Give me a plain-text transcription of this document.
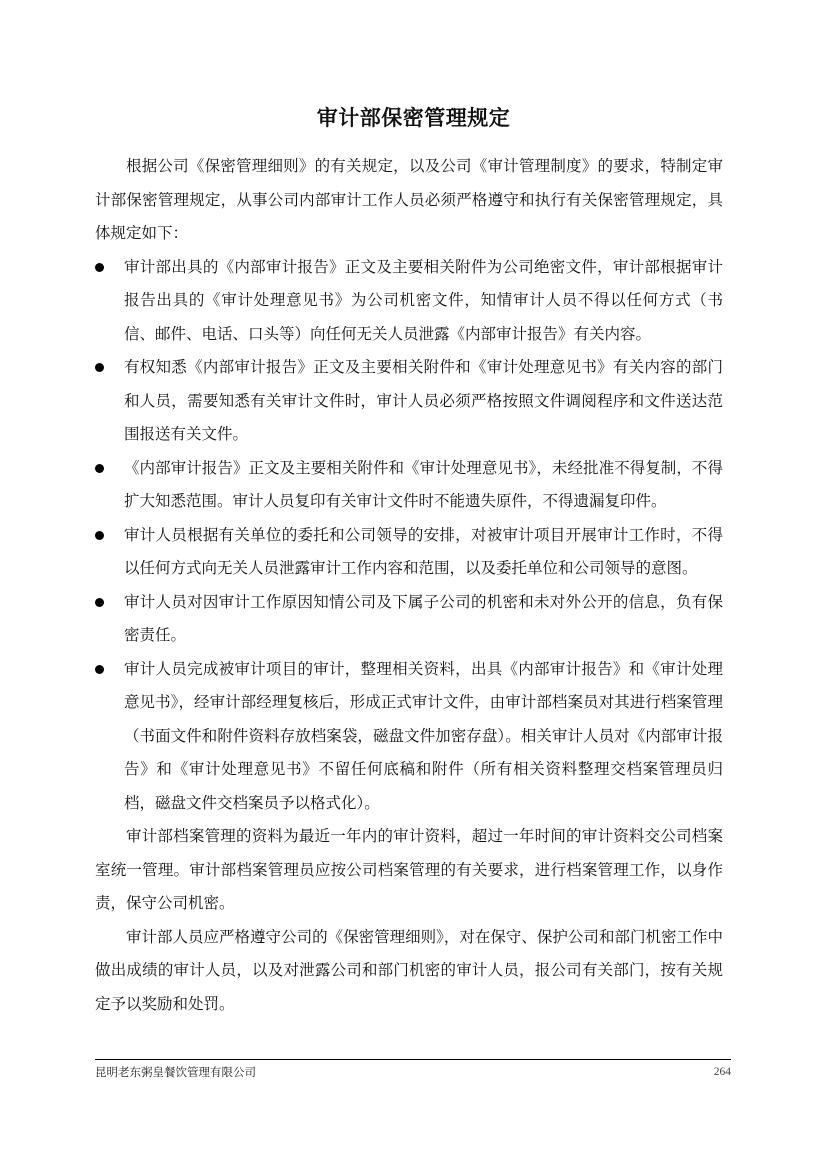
审计部保密管理规定

根据公司《保密管理细则》的有关规定，以及公司《审计管理制度》的要求，特制定审计部保密管理规定，从事公司内部审计工作人员必须严格遵守和执行有关保密管理规定，具体规定如下：

审计部出具的《内部审计报告》正文及主要相关附件为公司绝密文件，审计部根据审计报告出具的《审计处理意见书》为公司机密文件，知情审计人员不得以任何方式（书信、邮件、电话、口头等）向任何无关人员泄露《内部审计报告》有关内容。
有权知悉《内部审计报告》正文及主要相关附件和《审计处理意见书》有关内容的部门和人员，需要知悉有关审计文件时，审计人员必须严格按照文件调阅程序和文件送达范围报送有关文件。
《内部审计报告》正文及主要相关附件和《审计处理意见书》，未经批准不得复制，不得扩大知悉范围。审计人员复印有关审计文件时不能遗失原件，不得遗漏复印件。
审计人员根据有关单位的委托和公司领导的安排，对被审计项目开展审计工作时，不得以任何方式向无关人员泄露审计工作内容和范围，以及委托单位和公司领导的意图。
审计人员对因审计工作原因知情公司及下属子公司的机密和未对外公开的信息，负有保密责任。
审计人员完成被审计项目的审计，整理相关资料，出具《内部审计报告》和《审计处理意见书》，经审计部经理复核后，形成正式审计文件，由审计部档案员对其进行档案管理（书面文件和附件资料存放档案袋，磁盘文件加密存盘）。相关审计人员对《内部审计报告》和《审计处理意见书》不留任何底稿和附件（所有相关资料整理交档案管理员归档，磁盘文件交档案员予以格式化）。

审计部档案管理的资料为最近一年内的审计资料，超过一年时间的审计资料交公司档案室统一管理。审计部档案管理员应按公司档案管理的有关要求，进行档案管理工作，以身作责，保守公司机密。

审计部人员应严格遵守公司的《保密管理细则》，对在保守、保护公司和部门机密工作中做出成绩的审计人员，以及对泄露公司和部门机密的审计人员，报公司有关部门，按有关规定予以奖励和处罚。

昆明老东粥皇餐饮管理有限公司	264
